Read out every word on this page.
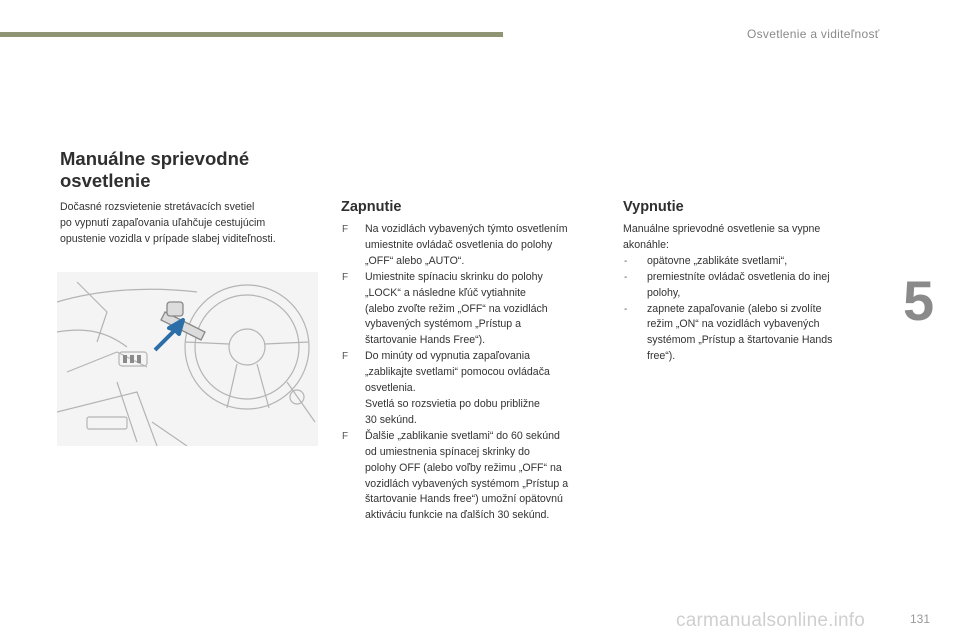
Osvetlenie a viditeľnosť
5
Manuálne sprievodné
osvetlenie
Dočasné rozsvietenie stretávacích svetiel
po vypnutí zapaľovania uľahčuje cestujúcim
opustenie vozidla v prípade slabej viditeľnosti.
Zapnutie
F Na vozidlách vybavených týmto osvetlením
umiestnite ovládač osvetlenia do polohy
„OFF“ alebo „AUTO“.
F Umiestnite spínaciu skrinku do polohy
„LOCK“ a následne kľúč vytiahnite
(alebo zvoľte režim „OFF“ na vozidlách
vybavených systémom „Prístup a
štartovanie Hands Free“).
F Do minúty od vypnutia zapaľovania
„zablikajte svetlami“ pomocou ovládača
osvetlenia.
Svetlá so rozsvietia po dobu približne
30 sekúnd.
F Ďalšie „zablikanie svetlami“ do 60 sekúnd
od umiestnenia spínacej skrinky do
polohy OFF (alebo voľby režimu „OFF“ na
vozidlách vybavených systémom „Prístup a
štartovanie Hands free“) umožní opätovnú
aktiváciu funkcie na ďalších 30 sekúnd.
Vypnutie
Manuálne sprievodné osvetlenie sa vypne
akonáhle:
- opätovne „zablikáte svetlami“,
- premiestníte ovládač osvetlenia do inej
polohy,
- zapnete zapaľovanie (alebo si zvolíte
režim „ON“ na vozidlách vybavených
systémom „Prístup a štartovanie Hands
free“).
carmanualsonline.info	131
